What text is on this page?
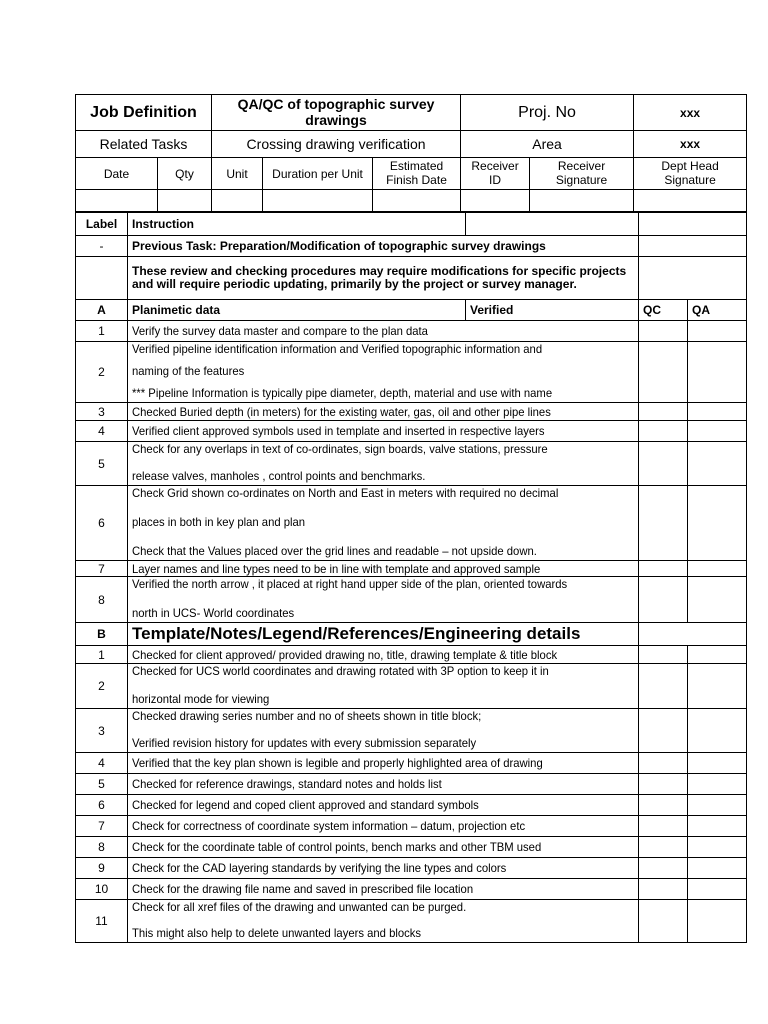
Job Definition		QA/QC of topographic survey drawings			Proj. No		xxx
Related Tasks		Crossing drawing verification			Area		xxx
Date	Qty	Unit	Duration per Unit	Estimated Finish Date	Receiver ID	Receiver Signature	Dept Head Signature

Label	Instruction			
-	Previous Task: Preparation/Modification of topographic survey drawings			
	These review and checking procedures may require modifications for specific projects and will require periodic updating, primarily by the project or survey manager.			
A	Planimetic data	Verified	QC	QA
1	Verify the survey data master and compare to the plan data			
2	Verified pipeline identification information and Verified topographic information and
naming of the features
*** Pipeline Information is typically pipe diameter, depth, material and use with name			

3	Checked Buried depth (in meters) for the existing water, gas, oil and other pipe lines			
4	Verified client approved symbols used in template and inserted in respective layers			
5	Check for any overlaps in text of co-ordinates, sign boards, valve stations, pressure
release valves, manholes , control points and benchmarks.			

6	Check Grid shown co-ordinates on North and East in meters with required no decimal
places in both in key plan and plan
Check that the Values placed over the grid lines and readable – not upside down.			

7	Layer names and line types need to be in line with template and approved sample			
8	Verified the north arrow , it placed at right hand upper side of the plan, oriented towards
north in UCS- World coordinates			

B	Template/Notes/Legend/References/Engineering details			
1	Checked for client approved/ provided drawing no, title, drawing template & title block			
2	Checked for UCS world coordinates and drawing rotated with 3P option to keep it in
horizontal mode for viewing			

3	Checked drawing series number and no of sheets shown in title block;
Verified revision history for updates with every submission separately			

4	Verified that the key plan shown is legible and properly highlighted area of drawing			
5	Checked for reference drawings, standard notes and holds list			
6	Checked for legend and coped client approved and standard symbols			
7	Check for correctness of coordinate system information – datum, projection etc			
8	Check for the coordinate table of control points, bench marks and other TBM used			
9	Check for the CAD layering standards by verifying the line types and colors			
10	Check for the drawing file name and saved in prescribed file location			
11	Check for all xref files of the drawing and unwanted can be purged.
This might also help to delete unwanted layers and blocks			
